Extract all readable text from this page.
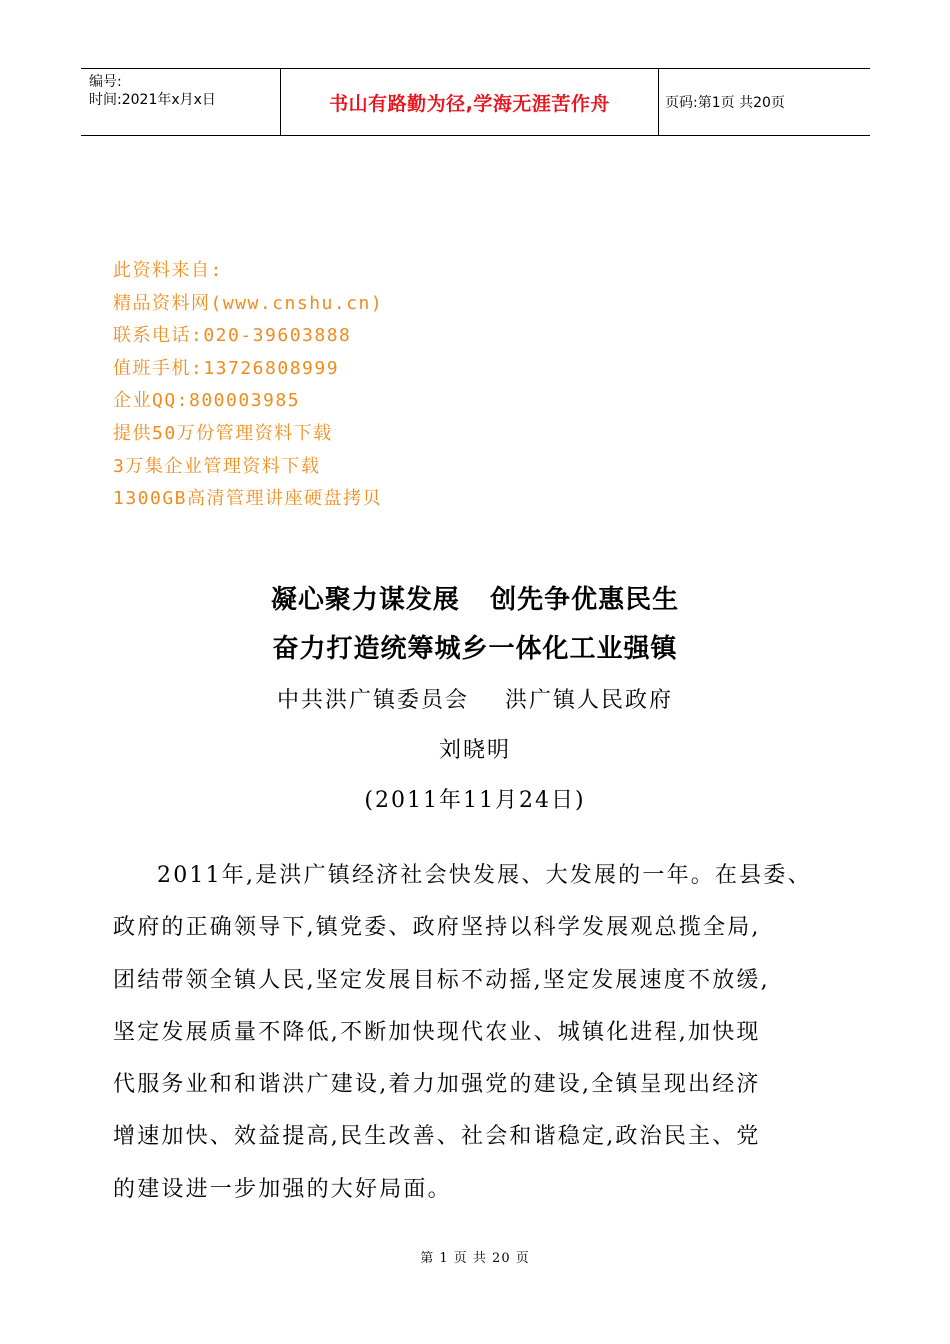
编号:
时间:2021年x月x日	书山有路勤为径,学海无涯苦作舟	页码:第1页 共20页
此资料来自:
精品资料网(www.cnshu.cn)
联系电话:020-39603888
值班手机:13726808999
企业QQ:800003985
提供50万份管理资料下载
3万集企业管理资料下载
1300GB高清管理讲座硬盘拷贝
凝心聚力谋发展   创先争优惠民生
奋力打造统筹城乡一体化工业强镇
中共洪广镇委员会    洪广镇人民政府
刘晓明
(2011年11月24日)
2011年,是洪广镇经济社会快发展、大发展的一年。在县委、
政府的正确领导下,镇党委、政府坚持以科学发展观总揽全局,
团结带领全镇人民,坚定发展目标不动摇,坚定发展速度不放缓,
坚定发展质量不降低,不断加快现代农业、城镇化进程,加快现
代服务业和和谐洪广建设,着力加强党的建设,全镇呈现出经济
增速加快、效益提高,民生改善、社会和谐稳定,政治民主、党
的建设进一步加强的大好局面。
第 1 页 共 20 页
